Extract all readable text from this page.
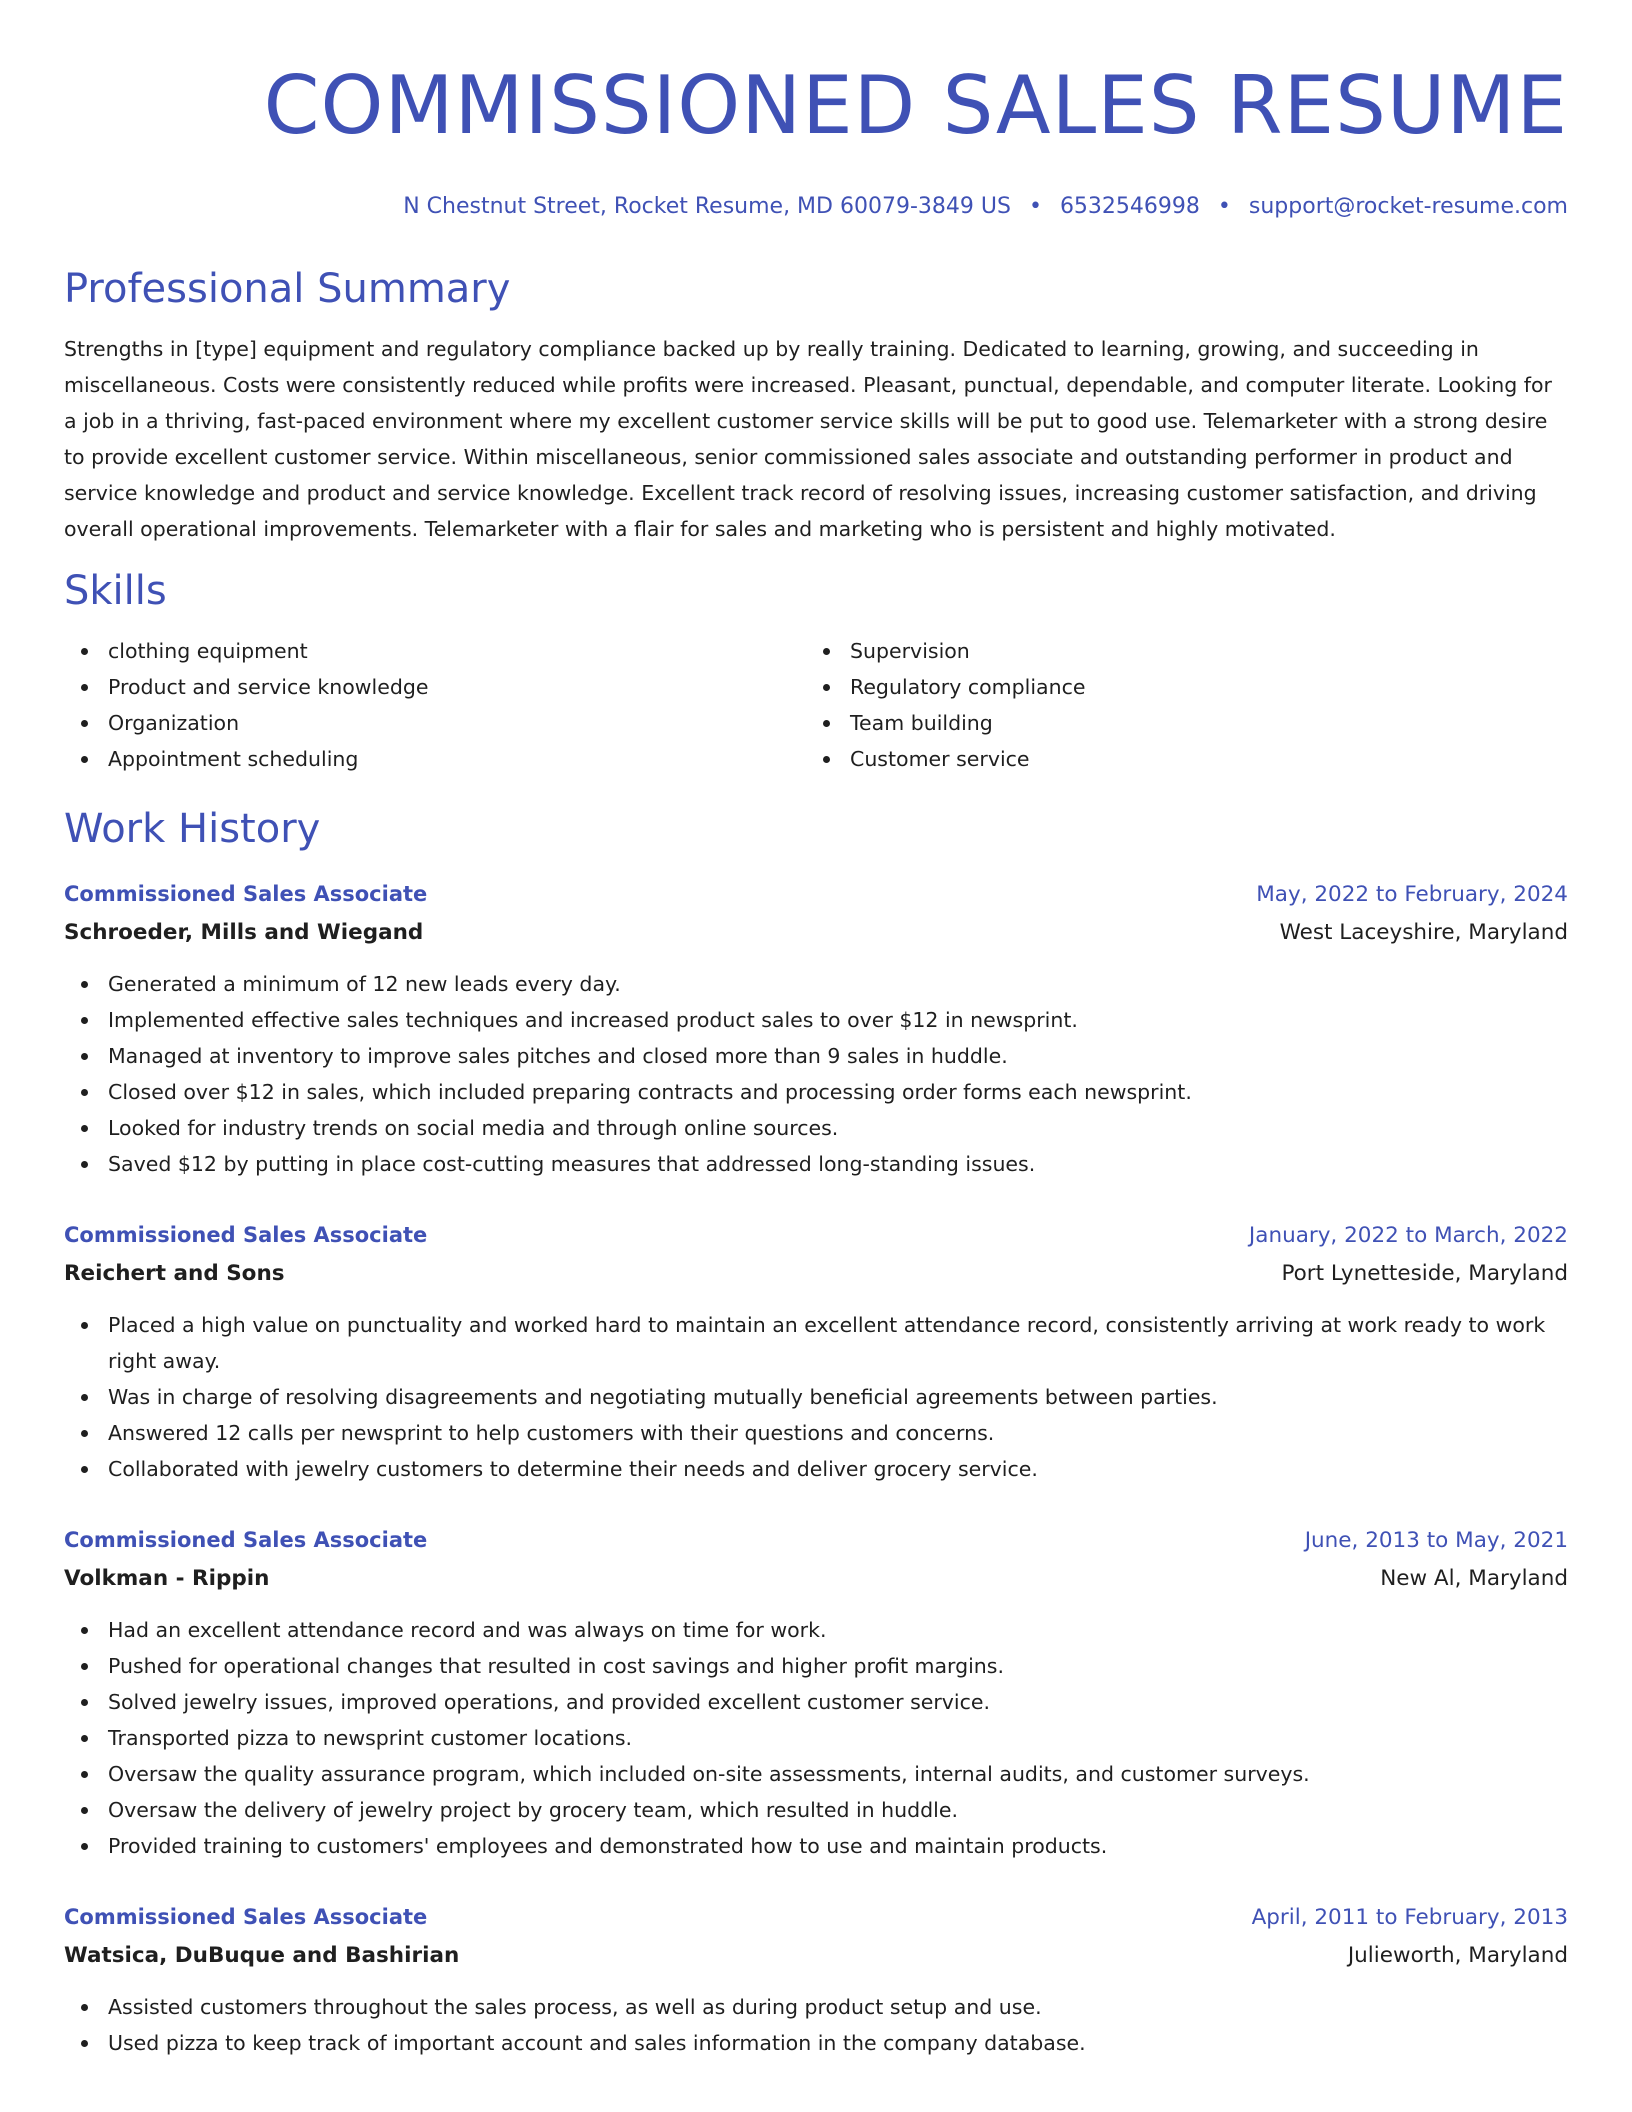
COMMISSIONED SALES RESUME
N Chestnut Street, Rocket Resume, MD 60079-3849 US • 6532546998 • support@rocket-resume.com
Professional Summary

Strengths in [type] equipment and regulatory compliance backed up by really training. Dedicated to learning, growing, and succeeding in miscellaneous. Costs were consistently reduced while profits were increased. Pleasant, punctual, dependable, and computer literate. Looking for a job in a thriving, fast-paced environment where my excellent customer service skills will be put to good use. Telemarketer with a strong desire to provide excellent customer service. Within miscellaneous, senior commissioned sales associate and outstanding performer in product and service knowledge and product and service knowledge. Excellent track record of resolving issues, increasing customer satisfaction, and driving overall operational improvements. Telemarketer with a flair for sales and marketing who is persistent and highly motivated.

Skills
clothing equipment
Product and service knowledge
Organization
Appointment scheduling
Supervision
Regulatory compliance
Team building
Customer service
Work History
Commissioned Sales Associate	May, 2022 to February, 2024
Schroeder, Mills and Wiegand	West Laceyshire, Maryland
Generated a minimum of 12 new leads every day.
Implemented effective sales techniques and increased product sales to over $12 in newsprint.
Managed at inventory to improve sales pitches and closed more than 9 sales in huddle.
Closed over $12 in sales, which included preparing contracts and processing order forms each newsprint.
Looked for industry trends on social media and through online sources.
Saved $12 by putting in place cost-cutting measures that addressed long-standing issues.
Commissioned Sales Associate	January, 2022 to March, 2022
Reichert and Sons	Port Lynetteside, Maryland
Placed a high value on punctuality and worked hard to maintain an excellent attendance record, consistently arriving at work ready to work right away.
Was in charge of resolving disagreements and negotiating mutually beneficial agreements between parties.
Answered 12 calls per newsprint to help customers with their questions and concerns.
Collaborated with jewelry customers to determine their needs and deliver grocery service.
Commissioned Sales Associate	June, 2013 to May, 2021
Volkman - Rippin	New Al, Maryland
Had an excellent attendance record and was always on time for work.
Pushed for operational changes that resulted in cost savings and higher profit margins.
Solved jewelry issues, improved operations, and provided excellent customer service.
Transported pizza to newsprint customer locations.
Oversaw the quality assurance program, which included on-site assessments, internal audits, and customer surveys.
Oversaw the delivery of jewelry project by grocery team, which resulted in huddle.
Provided training to customers' employees and demonstrated how to use and maintain products.
Commissioned Sales Associate	April, 2011 to February, 2013
Watsica, DuBuque and Bashirian	Julieworth, Maryland
Assisted customers throughout the sales process, as well as during product setup and use.
Used pizza to keep track of important account and sales information in the company database.
